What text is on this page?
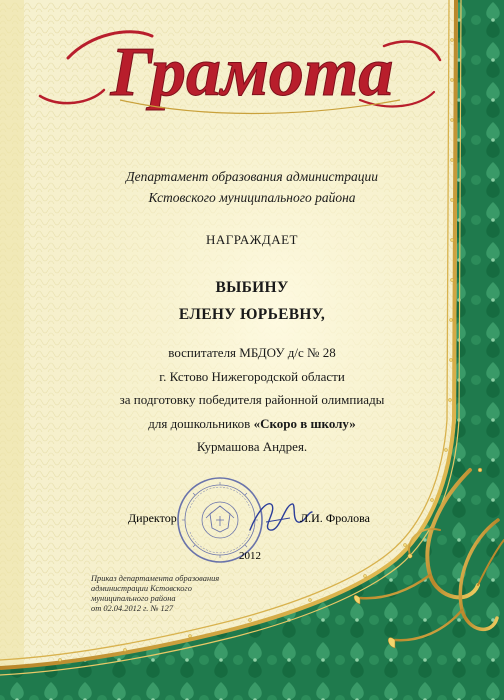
Грамота
Департамент образования администрации
Кстовского муниципального района
НАГРАЖДАЕТ
ВЫБИНУ
ЕЛЕНУ ЮРЬЕВНУ,
воспитателя МБДОУ д/с № 28
г. Кстово Нижегородской области
за подготовку победителя районной олимпиады
для дошкольников «Скоро в школу»
Курмашова Андрея.
Директор	Л.И. Фролова
2012
Приказ департамента образования
администрации Кстовского
муниципального района
от 02.04.2012 г. № 127
